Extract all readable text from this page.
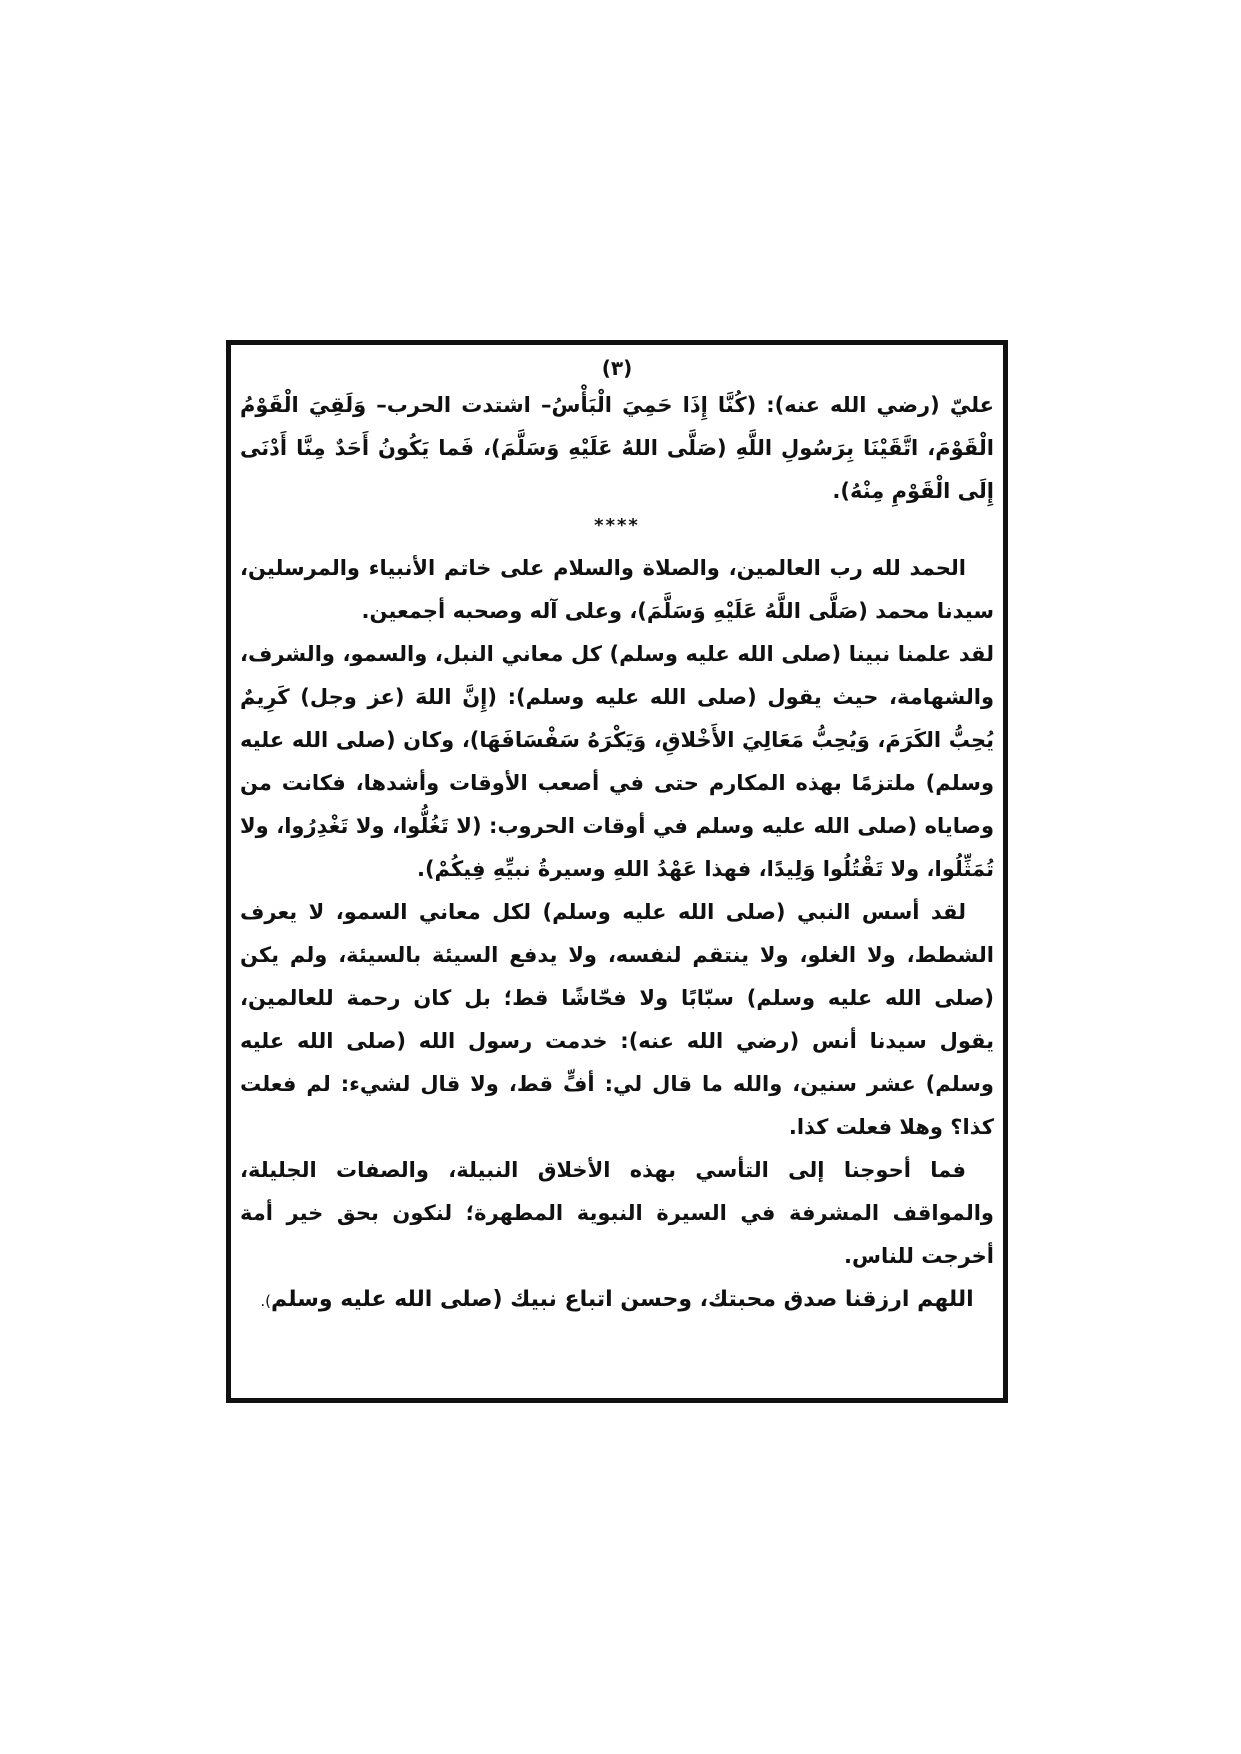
(٣)

عليّ (رضي الله عنه): (كُنَّا إِذَا حَمِيَ الْبَأْسُ– اشتدت الحرب– وَلَقِيَ الْقَوْمُ الْقَوْمَ، اتَّقَيْنَا بِرَسُولِ اللَّهِ (صَلَّى اللهُ عَلَيْهِ وَسَلَّمَ)، فَما يَكُونُ أَحَدٌ مِنَّا أَدْنَى إِلَى الْقَوْمِ مِنْهُ).

****

الحمد لله رب العالمين، والصلاة والسلام على خاتم الأنبياء والمرسلين، سيدنا محمد (صَلَّى اللَّهُ عَلَيْهِ وَسَلَّمَ)، وعلى آله وصحبه أجمعين.

لقد علمنا نبينا (صلى الله عليه وسلم) كل معاني النبل، والسمو، والشرف، والشهامة، حيث يقول (صلى الله عليه وسلم): (إِنَّ اللهَ (عز وجل) كَرِيمٌ يُحِبُّ الكَرَمَ، وَيُحِبُّ مَعَالِيَ الأَخْلاقِ، وَيَكْرَهُ سَفْسَافَهَا)، وكان (صلى الله عليه وسلم) ملتزمًا بهذه المكارم حتى في أصعب الأوقات وأشدها، فكانت من وصاياه (صلى الله عليه وسلم في أوقات الحروب: (لا تَغُلُّوا، ولا تَغْدِرُوا، ولا تُمَثِّلُوا، ولا تَقْتُلُوا وَلِيدًا، فهذا عَهْدُ اللهِ وسيرةُ نبيِّهِ فِيكُمْ).

لقد أسس النبي (صلى الله عليه وسلم) لكل معاني السمو، لا يعرف الشطط، ولا الغلو، ولا ينتقم لنفسه، ولا يدفع السيئة بالسيئة، ولم يكن (صلى الله عليه وسلم) سبّابًا ولا فحّاشًا قط؛ بل كان رحمة للعالمين، يقول سيدنا أنس (رضي الله عنه): خدمت رسول الله (صلى الله عليه وسلم) عشر سنين، والله ما قال لي: أفٍّ قط، ولا قال لشيء: لم فعلت كذا؟ وهلا فعلت كذا.

فما أحوجنا إلى التأسي بهذه الأخلاق النبيلة، والصفات الجليلة، والمواقف المشرفة في السيرة النبوية المطهرة؛ لنكون بحق خير أمة أخرجت للناس.

اللهم ارزقنا صدق محبتك، وحسن اتباع نبيك (صلى الله عليه وسلم).
